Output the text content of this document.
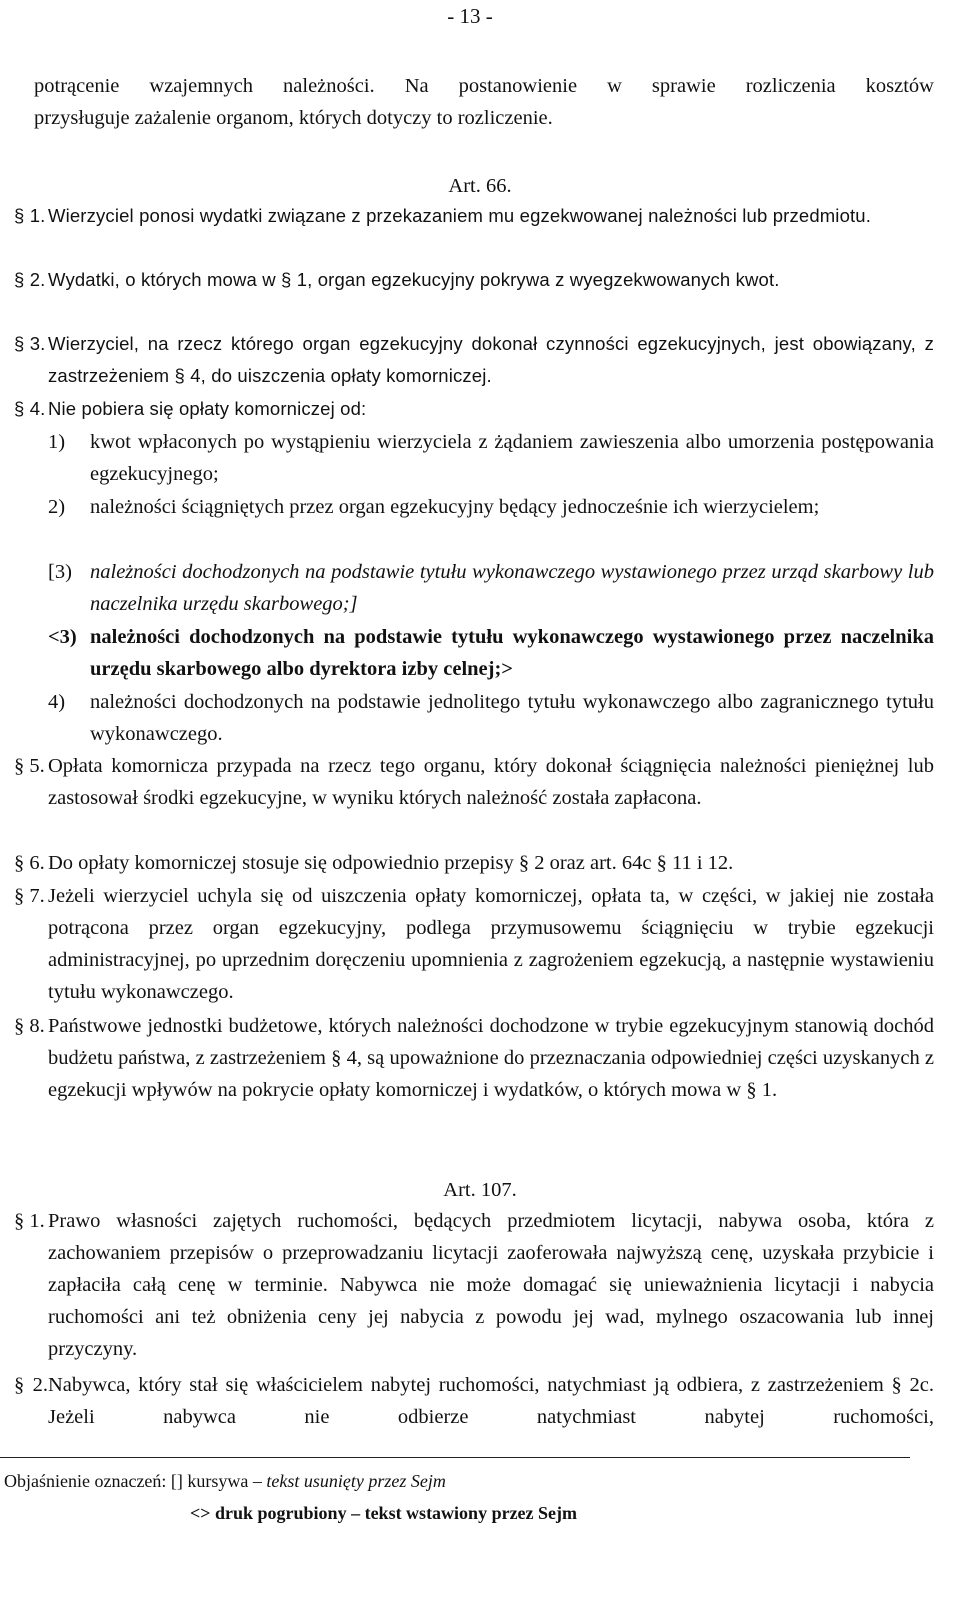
- 13 -
potrącenie wzajemnych należności. Na postanowienie w sprawie rozliczenia kosztów
przysługuje zażalenie organom, których dotyczy to rozliczenie.
Art. 66.
§ 1. Wierzyciel ponosi wydatki związane z przekazaniem mu egzekwowanej należności lub przedmiotu.
§ 2. Wydatki, o których mowa w § 1, organ egzekucyjny pokrywa z wyegzekwowanych kwot.
§ 3. Wierzyciel, na rzecz którego organ egzekucyjny dokonał czynności egzekucyjnych, jest obowiązany, z zastrzeżeniem § 4, do uiszczenia opłaty komorniczej.
§ 4. Nie pobiera się opłaty komorniczej od:
1) kwot wpłaconych po wystąpieniu wierzyciela z żądaniem zawieszenia albo umorzenia postępowania egzekucyjnego;
2) należności ściągniętych przez organ egzekucyjny będący jednocześnie ich wierzycielem;
[3) należności dochodzonych na podstawie tytułu wykonawczego wystawionego przez urząd skarbowy lub naczelnika urzędu skarbowego;]
<3) należności dochodzonych na podstawie tytułu wykonawczego wystawionego przez naczelnika urzędu skarbowego albo dyrektora izby celnej;>
4) należności dochodzonych na podstawie jednolitego tytułu wykonawczego albo zagranicznego tytułu wykonawczego.
§ 5. Opłata komornicza przypada na rzecz tego organu, który dokonał ściągnięcia należności pieniężnej lub zastosował środki egzekucyjne, w wyniku których należność została zapłacona.
§ 6. Do opłaty komorniczej stosuje się odpowiednio przepisy § 2 oraz art. 64c § 11 i 12.
§ 7. Jeżeli wierzyciel uchyla się od uiszczenia opłaty komorniczej, opłata ta, w części, w jakiej nie została potrącona przez organ egzekucyjny, podlega przymusowemu ściągnięciu w trybie egzekucji administracyjnej, po uprzednim doręczeniu upomnienia z zagrożeniem egzekucją, a następnie wystawieniu tytułu wykonawczego.
§ 8. Państwowe jednostki budżetowe, których należności dochodzone w trybie egzekucyjnym stanowią dochód budżetu państwa, z zastrzeżeniem § 4, są upoważnione do przeznaczania odpowiedniej części uzyskanych z egzekucji wpływów na pokrycie opłaty komorniczej i wydatków, o których mowa w § 1.
Art. 107.
§ 1. Prawo własności zajętych ruchomości, będących przedmiotem licytacji, nabywa osoba, która z zachowaniem przepisów o przeprowadzaniu licytacji zaoferowała najwyższą cenę, uzyskała przybicie i zapłaciła całą cenę w terminie. Nabywca nie może domagać się unieważnienia licytacji i nabycia ruchomości ani też obniżenia ceny jej nabycia z powodu jej wad, mylnego oszacowania lub innej przyczyny.
§ 2.Nabywca, który stał się właścicielem nabytej ruchomości, natychmiast ją odbiera, z zastrzeżeniem § 2c. Jeżeli nabywca nie odbierze natychmiast nabytej ruchomości,
Objaśnienie oznaczeń: [] kursywa – tekst usunięty przez Sejm
<> druk pogrubiony – tekst wstawiony przez Sejm
